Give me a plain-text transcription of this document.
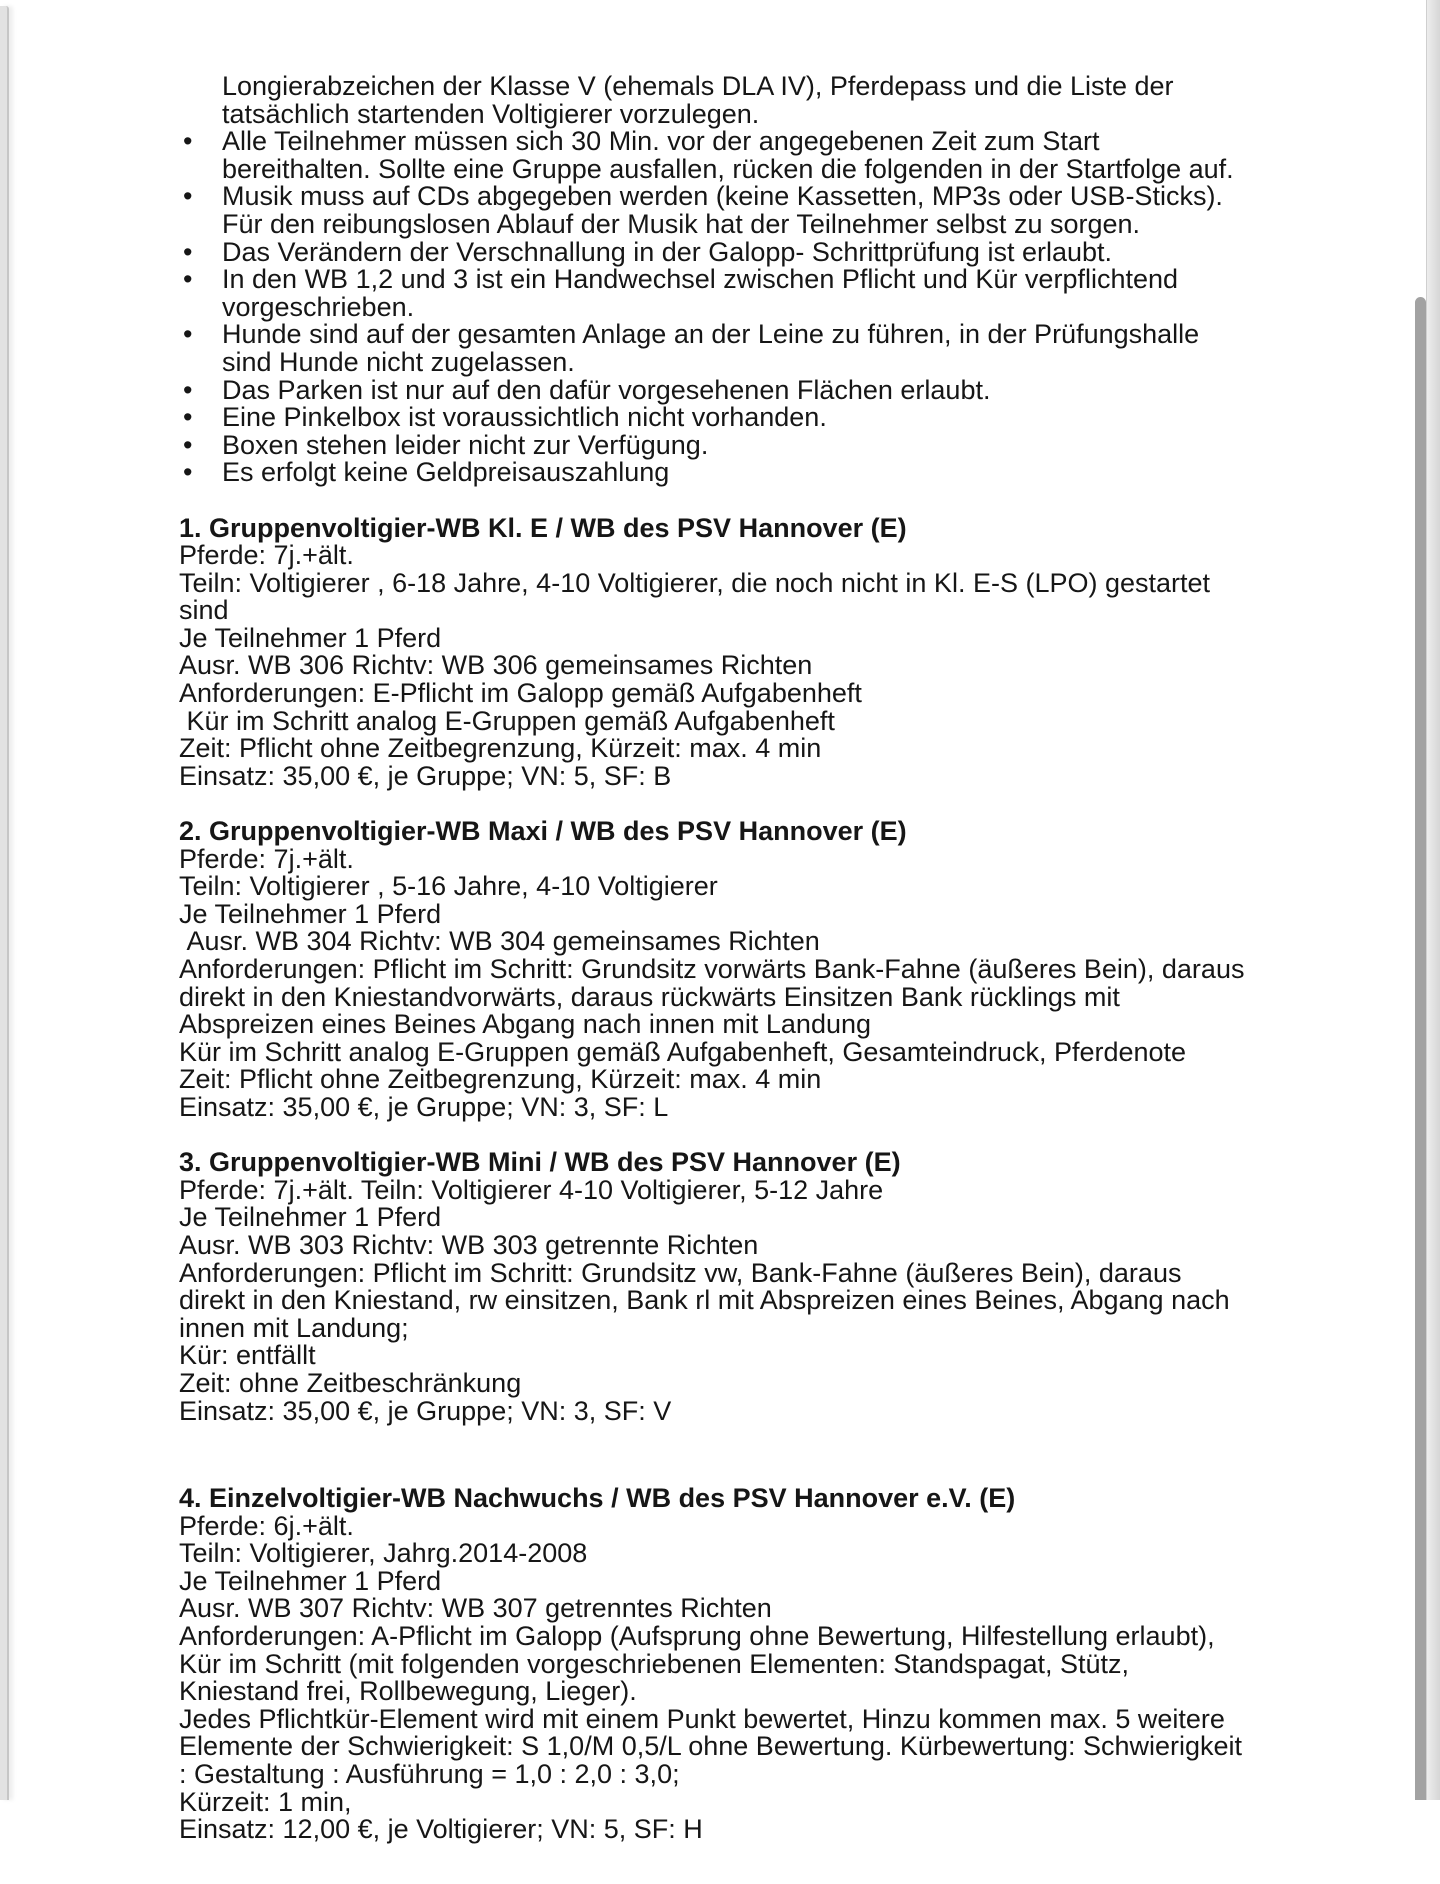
Longierabzeichen der Klasse V (ehemals DLA IV), Pferdepass und die Liste der tatsächlich startenden Voltigierer vorzulegen.

• Alle Teilnehmer müssen sich 30 Min. vor der angegebenen Zeit zum Start bereithalten. Sollte eine Gruppe ausfallen, rücken die folgenden in der Startfolge auf.
• Musik muss auf CDs abgegeben werden (keine Kassetten, MP3s oder USB-Sticks). Für den reibungslosen Ablauf der Musik hat der Teilnehmer selbst zu sorgen.
• Das Verändern der Verschnallung in der Galopp- Schrittprüfung ist erlaubt.
• In den WB 1,2 und 3 ist ein Handwechsel zwischen Pflicht und Kür verpflichtend vorgeschrieben.
• Hunde sind auf der gesamten Anlage an der Leine zu führen, in der Prüfungshalle sind Hunde nicht zugelassen.
• Das Parken ist nur auf den dafür vorgesehenen Flächen erlaubt.
• Eine Pinkelbox ist voraussichtlich nicht vorhanden.
• Boxen stehen leider nicht zur Verfügung.
• Es erfolgt keine Geldpreisauszahlung
1. Gruppenvoltigier-WB Kl. E / WB des PSV Hannover (E)
Pferde: 7j.+ält.
Teiln: Voltigierer , 6-18 Jahre, 4-10 Voltigierer, die noch nicht in Kl. E-S (LPO) gestartet sind
Je Teilnehmer 1 Pferd
Ausr. WB 306 Richtv: WB 306 gemeinsames Richten
Anforderungen: E-Pflicht im Galopp gemäß Aufgabenheft
Kür im Schritt analog E-Gruppen gemäß Aufgabenheft
Zeit: Pflicht ohne Zeitbegrenzung, Kürzeit: max. 4 min
Einsatz: 35,00 €, je Gruppe; VN: 5, SF: B
2. Gruppenvoltigier-WB Maxi / WB des PSV Hannover (E)
Pferde: 7j.+ält.
Teiln: Voltigierer , 5-16 Jahre, 4-10 Voltigierer
Je Teilnehmer 1 Pferd
Ausr. WB 304 Richtv: WB 304 gemeinsames Richten
Anforderungen: Pflicht im Schritt: Grundsitz vorwärts Bank-Fahne (äußeres Bein), daraus direkt in den Kniestandvorwärts, daraus rückwärts Einsitzen Bank rücklings mit Abspreizen eines Beines Abgang nach innen mit Landung
Kür im Schritt analog E-Gruppen gemäß Aufgabenheft, Gesamteindruck, Pferdenote
Zeit: Pflicht ohne Zeitbegrenzung, Kürzeit: max. 4 min
Einsatz: 35,00 €, je Gruppe; VN: 3, SF: L
3. Gruppenvoltigier-WB Mini / WB des PSV Hannover (E)
Pferde: 7j.+ält. Teiln: Voltigierer 4-10 Voltigierer, 5-12 Jahre
Je Teilnehmer 1 Pferd
Ausr. WB 303 Richtv: WB 303 getrennte Richten
Anforderungen: Pflicht im Schritt: Grundsitz vw, Bank-Fahne (äußeres Bein), daraus direkt in den Kniestand, rw einsitzen, Bank rl mit Abspreizen eines Beines, Abgang nach innen mit Landung;
Kür: entfällt
Zeit: ohne Zeitbeschränkung
Einsatz: 35,00 €, je Gruppe; VN: 3, SF: V
4. Einzelvoltigier-WB Nachwuchs / WB des PSV Hannover e.V. (E)
Pferde: 6j.+ält.
Teiln: Voltigierer, Jahrg.2014-2008
Je Teilnehmer 1 Pferd
Ausr. WB 307 Richtv: WB 307 getrenntes Richten
Anforderungen: A-Pflicht im Galopp (Aufsprung ohne Bewertung, Hilfestellung erlaubt), Kür im Schritt (mit folgenden vorgeschriebenen Elementen: Standspagat, Stütz, Kniestand frei, Rollbewegung, Lieger).
Jedes Pflichtkür-Element wird mit einem Punkt bewertet, Hinzu kommen max. 5 weitere Elemente der Schwierigkeit: S 1,0/M 0,5/L ohne Bewertung. Kürbewertung: Schwierigkeit : Gestaltung : Ausführung = 1,0 : 2,0 : 3,0;
Kürzeit: 1 min,
Einsatz: 12,00 €, je Voltigierer; VN: 5, SF: H
